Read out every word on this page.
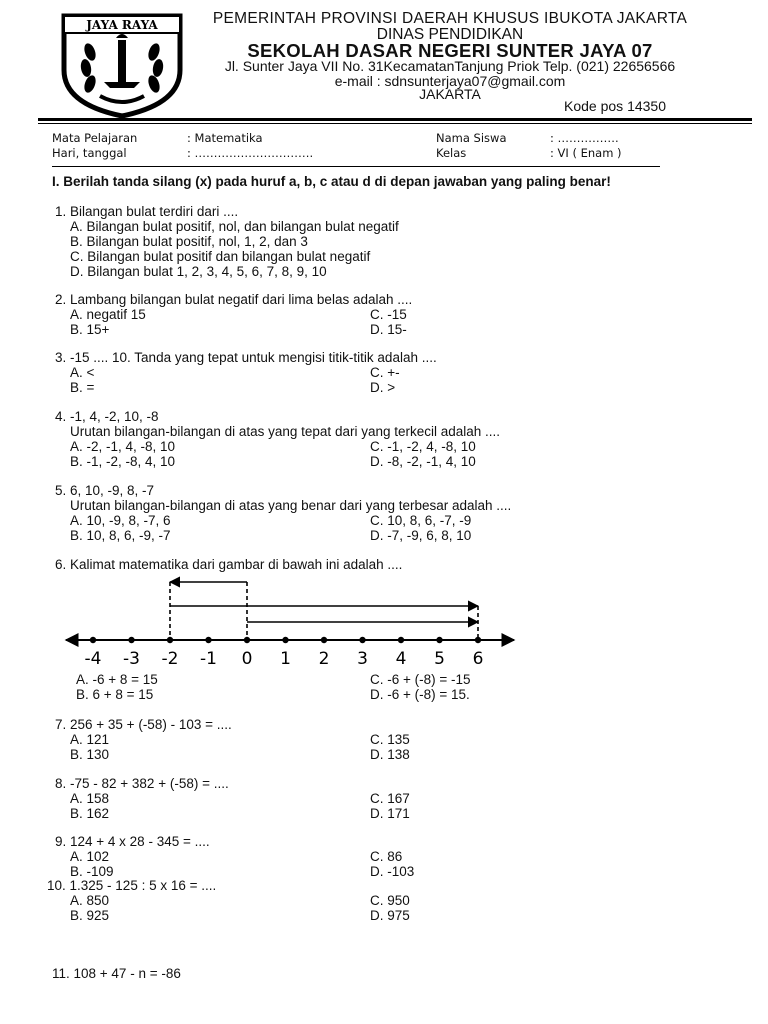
JAYA RAYA	PEMERINTAH PROVINSI DAERAH KHUSUS IBUKOTA JAKARTA
DINAS PENDIDIKAN
SEKOLAH DASAR NEGERI SUNTER JAYA 07
Jl. Sunter Jaya VII No. 31KecamatanTanjung Priok Telp. (021) 22656566
e-mail : sdnsunterjaya07@gmail.com
JAKARTA
Kode pos 14350
Mata Pelajaran	: Matematika	Nama Siswa	: …………….
Hari, tanggal	: ………………………….	Kelas	: VI ( Enam )
I. Berilah tanda silang (x) pada huruf a, b, c atau d di depan jawaban yang paling benar!
1. Bilangan bulat terdiri dari ....
A. Bilangan bulat positif, nol, dan bilangan bulat negatif
B. Bilangan bulat positif, nol, 1, 2, dan 3
C. Bilangan bulat positif dan bilangan bulat negatif
D. Bilangan bulat 1, 2, 3, 4, 5, 6, 7, 8, 9, 10
2. Lambang bilangan bulat negatif dari lima belas adalah ....
A. negatif 15	C. -15
B. 15+	D. 15-
3. -15 .... 10. Tanda yang tepat untuk mengisi titik-titik adalah ....
A. <	C. +-
B. =	D. >
4. -1, 4, -2, 10, -8
Urutan bilangan-bilangan di atas yang tepat dari yang terkecil adalah ....
A. -2, -1, 4, -8, 10	C. -1, -2, 4, -8, 10
B. -1, -2, -8, 4, 10	D. -8, -2, -1, 4, 10
5. 6, 10, -9, 8, -7
Urutan bilangan-bilangan di atas yang benar dari yang terbesar adalah ....
A. 10, -9, 8, -7, 6	C. 10, 8, 6, -7, -9
B. 10, 8, 6, -9, -7	D. -7, -9, 6, 8, 10
6. Kalimat matematika dari gambar di bawah ini adalah ....
-4 -3 -2 -1 0 1 2 3 4 5 6
A. -6 + 8 = 15	C. -6 + (-8) = -15
B. 6 + 8 = 15	D. -6 + (-8) = 15.
7. 256 + 35 + (-58) - 103 = ....
A. 121	C. 135
B. 130	D. 138
8. -75 - 82 + 382 + (-58) = ....
A. 158	C. 167
B. 162	D. 171
9. 124 + 4 x 28 - 345 = ....
A. 102	C. 86
B. -109	D. -103
10. 1.325 - 125 : 5 x 16 = ....
A. 850	C. 950
B. 925	D. 975
11. 108 + 47 - n = -86
